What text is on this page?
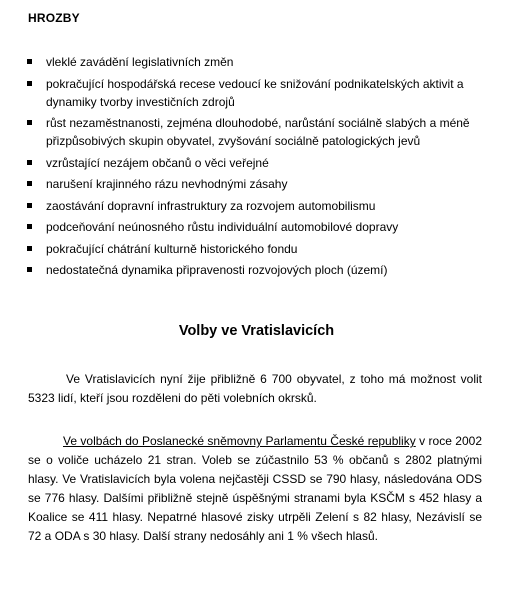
HROZBY
vleklé zavádění legislativních změn
pokračující hospodářská recese vedoucí ke snižování podnikatelských aktivit a dynamiky tvorby investičních zdrojů
růst nezaměstnanosti, zejména dlouhodobé, narůstání sociálně slabých a méně přizpůsobivých skupin obyvatel, zvyšování sociálně patologických jevů
vzrůstající nezájem občanů o věci veřejné
narušení krajinného rázu nevhodnými zásahy
zaostávání dopravní infrastruktury za rozvojem automobilismu
podceňování neúnosného růstu individuální automobilové dopravy
pokračující chátrání kulturně historického fondu
nedostatečná dynamika připravenosti rozvojových ploch (území)
Volby ve Vratislavicích

Ve Vratislavicích nyní žije přibližně 6 700 obyvatel, z toho má možnost volit 5323 lidí, kteří jsou rozděleni do pěti volebních okrsků.

Ve volbách do Poslanecké sněmovny Parlamentu České republiky v roce 2002 se o voliče ucházelo 21 stran. Voleb se zúčastnilo 53 % občanů s 2802 platnými hlasy. Ve Vratislavicích byla volena nejčastěji CSSD se 790 hlasy, následována ODS se 776 hlasy. Dalšími přibližně stejně úspěšnými stranami byla KSČM s 452 hlasy a Koalice se 411 hlasy. Nepatrné hlasové zisky utrpěli Zelení s 82 hlasy, Nezávislí se 72 a ODA s 30 hlasy. Další strany nedosáhly ani 1 % všech hlasů.
